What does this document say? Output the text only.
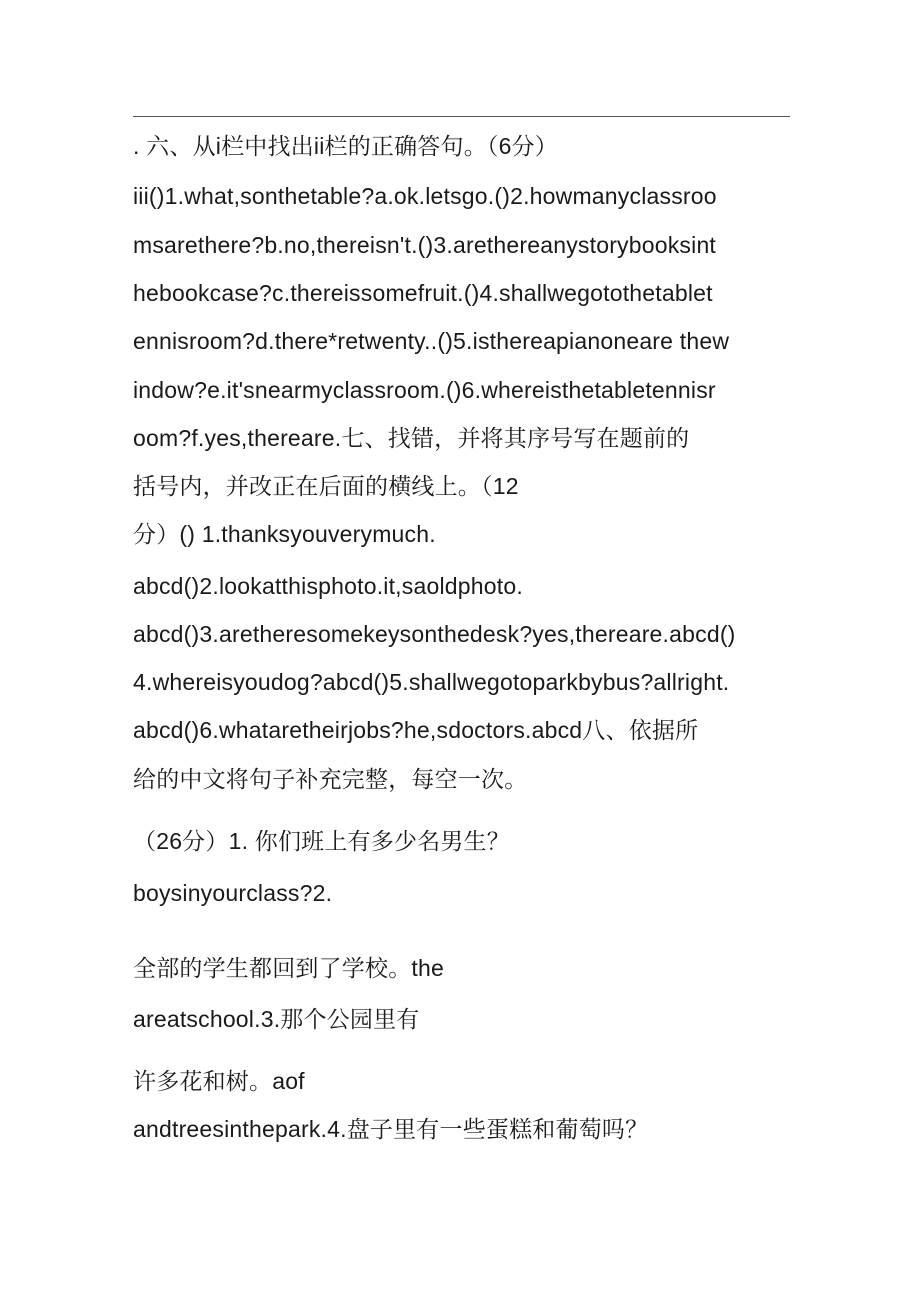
. 六、从i栏中找出ii栏的正确答句。（6分）
iii()1.what,sonthetable?a.ok.letsgo.()2.howmanyclassroo
msarethere?b.no,thereisn't.()3.arethereanystorybooksint
hebookcase?c.thereissomefruit.()4.shallwegotothetablet
ennisroom?d.there*retwenty..()5.isthereapianoneare thew
indow?e.it'snearmyclassroom.()6.whereisthetabletennisr
oom?f.yes,thereare.七、找错，并将其序号写在题前的
括号内，并改正在后面的横线上。（12
分）() 1.thanksyouverymuch.
abcd()2.lookatthisphoto.it,saoldphoto.
abcd()3.aretheresomekeysonthedesk?yes,thereare.abcd()
4.whereisyoudog?abcd()5.shallwegotoparkbybus?allright.
abcd()6.whataretheirjobs?he,sdoctors.abcd八、依据所
给的中文将句子补充完整，每空一次。
（26分）1. 你们班上有多少名男生？
boysinyourclass?2.
全部的学生都回到了学校。the
areatschool.3.那个公园里有
许多花和树。aof
andtreesinthepark.4.盘子里有一些蛋糕和葡萄吗？
